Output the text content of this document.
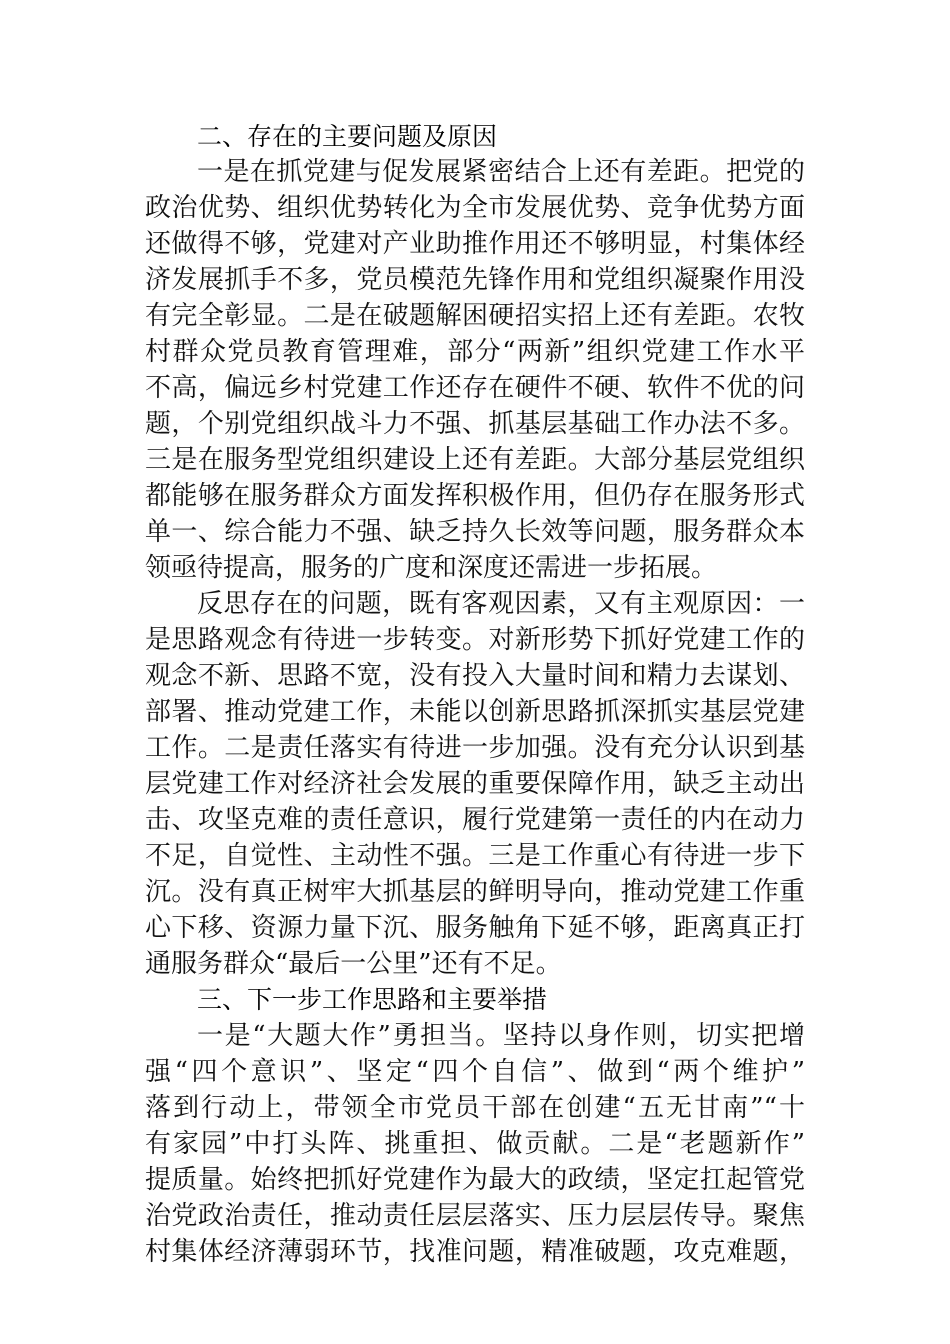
二、存在的主要问题及原因
一是在抓党建与促发展紧密结合上还有差距。把党的
政治优势、组织优势转化为全市发展优势、竞争优势方面
还做得不够，党建对产业助推作用还不够明显，村集体经
济发展抓手不多，党员模范先锋作用和党组织凝聚作用没
有完全彰显。二是在破题解困硬招实招上还有差距。农牧
村群众党员教育管理难，部分“两新”组织党建工作水平
不高，偏远乡村党建工作还存在硬件不硬、软件不优的问
题，个别党组织战斗力不强、抓基层基础工作办法不多。
三是在服务型党组织建设上还有差距。大部分基层党组织
都能够在服务群众方面发挥积极作用，但仍存在服务形式
单一、综合能力不强、缺乏持久长效等问题，服务群众本
领亟待提高，服务的广度和深度还需进一步拓展。
反思存在的问题，既有客观因素，又有主观原因：一
是思路观念有待进一步转变。对新形势下抓好党建工作的
观念不新、思路不宽，没有投入大量时间和精力去谋划、
部署、推动党建工作，未能以创新思路抓深抓实基层党建
工作。二是责任落实有待进一步加强。没有充分认识到基
层党建工作对经济社会发展的重要保障作用，缺乏主动出
击、攻坚克难的责任意识，履行党建第一责任的内在动力
不足，自觉性、主动性不强。三是工作重心有待进一步下
沉。没有真正树牢大抓基层的鲜明导向，推动党建工作重
心下移、资源力量下沉、服务触角下延不够，距离真正打
通服务群众“最后一公里”还有不足。
三、下一步工作思路和主要举措
一是“大题大作”勇担当。坚持以身作则，切实把增
强“四个意识”、坚定“四个自信”、做到“两个维护”
落到行动上，带领全市党员干部在创建“五无甘南”“十
有家园”中打头阵、挑重担、做贡献。二是“老题新作”
提质量。始终把抓好党建作为最大的政绩，坚定扛起管党
治党政治责任，推动责任层层落实、压力层层传导。聚焦
村集体经济薄弱环节，找准问题，精准破题，攻克难题，
